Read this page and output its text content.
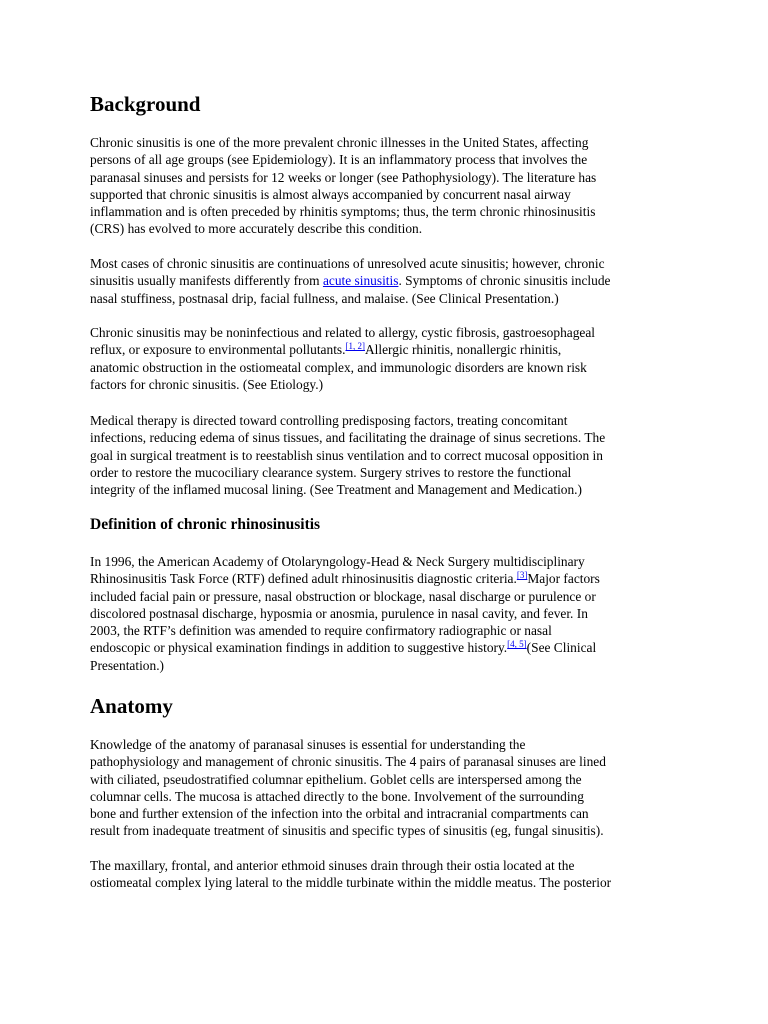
Background
Chronic sinusitis is one of the more prevalent chronic illnesses in the United States, affecting
persons of all age groups (see Epidemiology). It is an inflammatory process that involves the
paranasal sinuses and persists for 12 weeks or longer (see Pathophysiology). The literature has
supported that chronic sinusitis is almost always accompanied by concurrent nasal airway
inflammation and is often preceded by rhinitis symptoms; thus, the term chronic rhinosinusitis
(CRS) has evolved to more accurately describe this condition.
Most cases of chronic sinusitis are continuations of unresolved acute sinusitis; however, chronic
sinusitis usually manifests differently from acute sinusitis. Symptoms of chronic sinusitis include
nasal stuffiness, postnasal drip, facial fullness, and malaise. (See Clinical Presentation.)
Chronic sinusitis may be noninfectious and related to allergy, cystic fibrosis, gastroesophageal
reflux, or exposure to environmental pollutants.[1, 2]Allergic rhinitis, nonallergic rhinitis,
anatomic obstruction in the ostiomeatal complex, and immunologic disorders are known risk
factors for chronic sinusitis. (See Etiology.)
Medical therapy is directed toward controlling predisposing factors, treating concomitant
infections, reducing edema of sinus tissues, and facilitating the drainage of sinus secretions. The
goal in surgical treatment is to reestablish sinus ventilation and to correct mucosal opposition in
order to restore the mucociliary clearance system. Surgery strives to restore the functional
integrity of the inflamed mucosal lining. (See Treatment and Management and Medication.)
Definition of chronic rhinosinusitis
In 1996, the American Academy of Otolaryngology-Head & Neck Surgery multidisciplinary
Rhinosinusitis Task Force (RTF) defined adult rhinosinusitis diagnostic criteria.[3]Major factors
included facial pain or pressure, nasal obstruction or blockage, nasal discharge or purulence or
discolored postnasal discharge, hyposmia or anosmia, purulence in nasal cavity, and fever. In
2003, the RTF’s definition was amended to require confirmatory radiographic or nasal
endoscopic or physical examination findings in addition to suggestive history.[4, 5](See Clinical
Presentation.)
Anatomy
Knowledge of the anatomy of paranasal sinuses is essential for understanding the
pathophysiology and management of chronic sinusitis. The 4 pairs of paranasal sinuses are lined
with ciliated, pseudostratified columnar epithelium. Goblet cells are interspersed among the
columnar cells. The mucosa is attached directly to the bone. Involvement of the surrounding
bone and further extension of the infection into the orbital and intracranial compartments can
result from inadequate treatment of sinusitis and specific types of sinusitis (eg, fungal sinusitis).
The maxillary, frontal, and anterior ethmoid sinuses drain through their ostia located at the
ostiomeatal complex lying lateral to the middle turbinate within the middle meatus. The posterior
